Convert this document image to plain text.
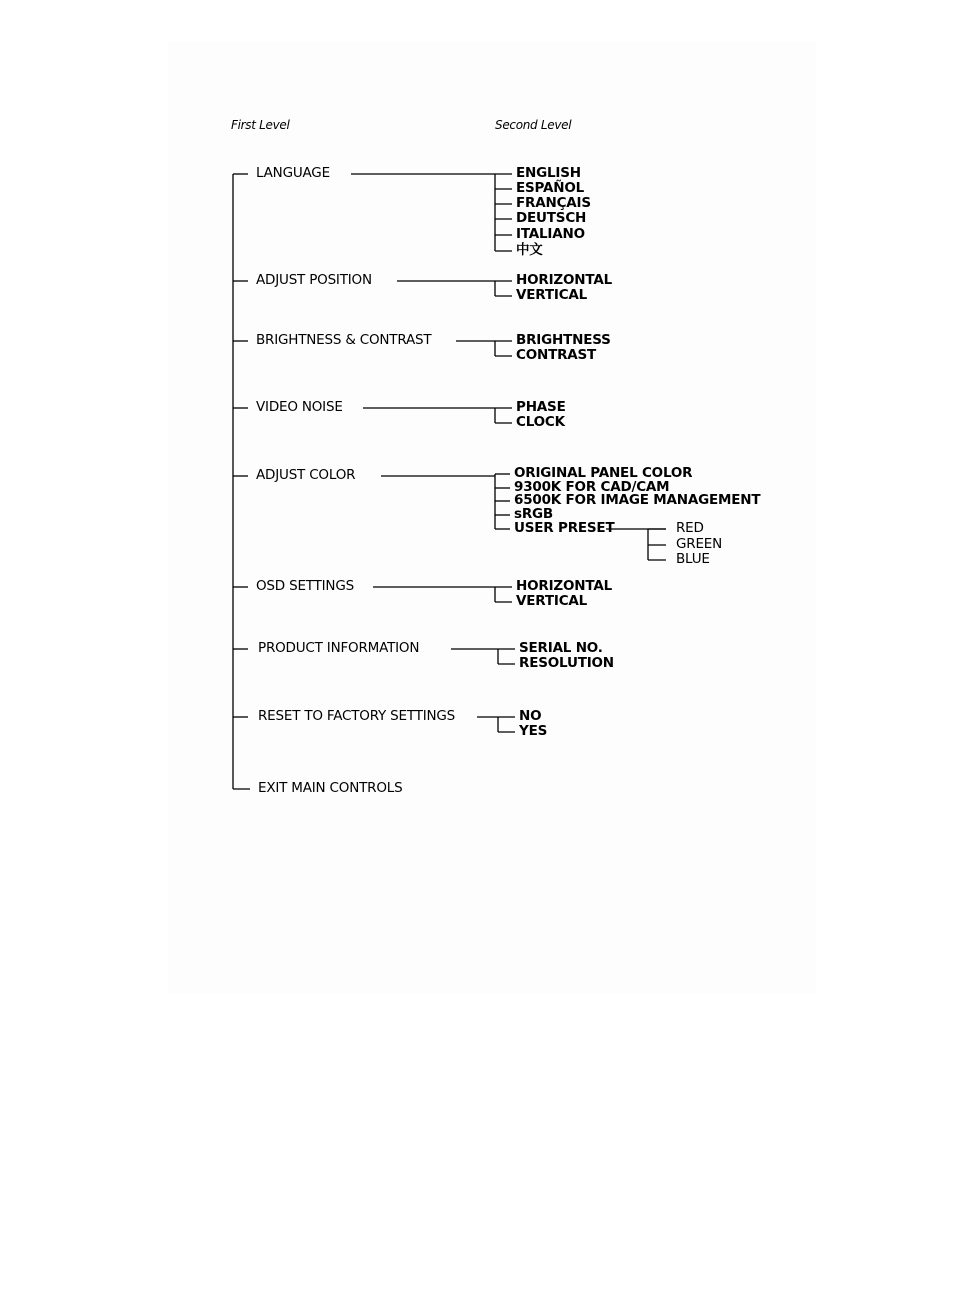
First Level	Second Level
LANGUAGE	ENGLISH
ESPAÑOL
FRANÇAIS
DEUTSCH
ITALIANO
中文
ADJUST POSITION	HORIZONTAL
VERTICAL
BRIGHTNESS & CONTRAST	BRIGHTNESS
CONTRAST
VIDEO NOISE	PHASE
CLOCK
ADJUST COLOR	ORIGINAL PANEL COLOR
9300K FOR CAD/CAM
6500K FOR IMAGE MANAGEMENT
sRGB
USER PRESET
OSD SETTINGS	HORIZONTAL
VERTICAL
PRODUCT INFORMATION	SERIAL NO.
RESOLUTION
RESET TO FACTORY SETTINGS	NO
YES
EXIT MAIN CONTROLS
RED
GREEN
BLUE
